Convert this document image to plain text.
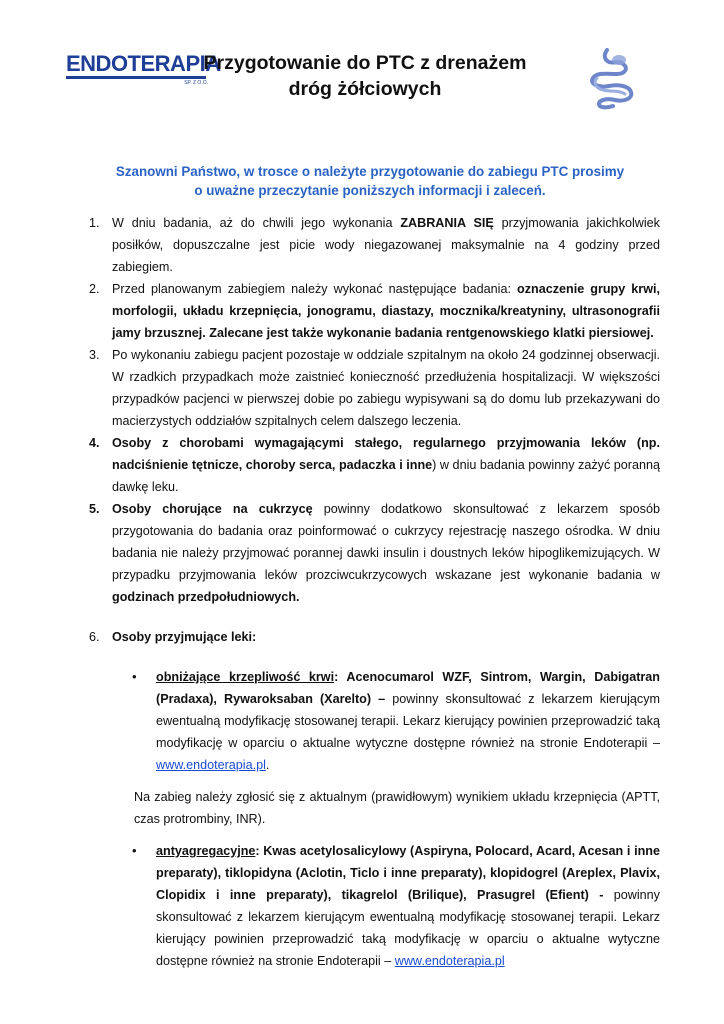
ENDOTERAPIA
SP. Z O.O.
Przygotowanie do PTC z drenażem
dróg żółciowych
Szanowni Państwo, w trosce o należyte przygotowanie do zabiegu PTC prosimy
o uważne przeczytanie poniższych informacji i zaleceń.
1. W dniu badania, aż do chwili jego wykonania ZABRANIA SIĘ przyjmowania jakichkolwiek posiłków, dopuszczalne jest picie wody niegazowanej maksymalnie na 4 godziny przed zabiegiem.
2. Przed planowanym zabiegiem należy wykonać następujące badania: oznaczenie grupy krwi, morfologii, układu krzepnięcia, jonogramu, diastazy, mocznika/kreatyniny, ultrasonografii jamy brzusznej. Zalecane jest także wykonanie badania rentgenowskiego klatki piersiowej.
3. Po wykonaniu zabiegu pacjent pozostaje w oddziale szpitalnym na około 24 godzinnej obserwacji. W rzadkich przypadkach może zaistnieć konieczność przedłużenia hospitalizacji. W większości przypadków pacjenci w pierwszej dobie po zabiegu wypisywani są do domu lub przekazywani do macierzystych oddziałów szpitalnych celem dalszego leczenia.
4. Osoby z chorobami wymagającymi stałego, regularnego przyjmowania leków (np. nadciśnienie tętnicze, choroby serca, padaczka i inne) w dniu badania powinny zażyć poranną dawkę leku.
5. Osoby chorujące na cukrzycę powinny dodatkowo skonsultować z lekarzem sposób przygotowania do badania oraz poinformować o cukrzycy rejestrację naszego ośrodka. W dniu badania nie należy przyjmować porannej dawki insulin i doustnych leków hipoglikemizujących. W przypadku przyjmowania leków prozciwcukrzycowych wskazane jest wykonanie badania w godzinach przedpołudniowych.
6. Osoby przyjmujące leki:
• obniżające krzepliwość krwi: Acenocumarol WZF, Sintrom, Wargin, Dabigatran (Pradaxa), Rywaroksaban (Xarelto) – powinny skonsultować z lekarzem kierującym ewentualną modyfikację stosowanej terapii. Lekarz kierujący powinien przeprowadzić taką modyfikację w oparciu o aktualne wytyczne dostępne również na stronie Endoterapii – www.endoterapia.pl.
Na zabieg należy zgłosić się z aktualnym (prawidłowym) wynikiem układu krzepnięcia (APTT, czas protrombiny, INR).
• antyagregacyjne: Kwas acetylosalicylowy (Aspiryna, Polocard, Acard, Acesan i inne preparaty), tiklopidyna (Aclotin, Ticlo i inne preparaty), klopidogrel (Areplex, Plavix, Clopidix i inne preparaty), tikagrelol (Brilique), Prasugrel (Efient) - powinny skonsultować z lekarzem kierującym ewentualną modyfikację stosowanej terapii. Lekarz kierujący powinien przeprowadzić taką modyfikację w oparciu o aktualne wytyczne dostępne również na stronie Endoterapii – www.endoterapia.pl
